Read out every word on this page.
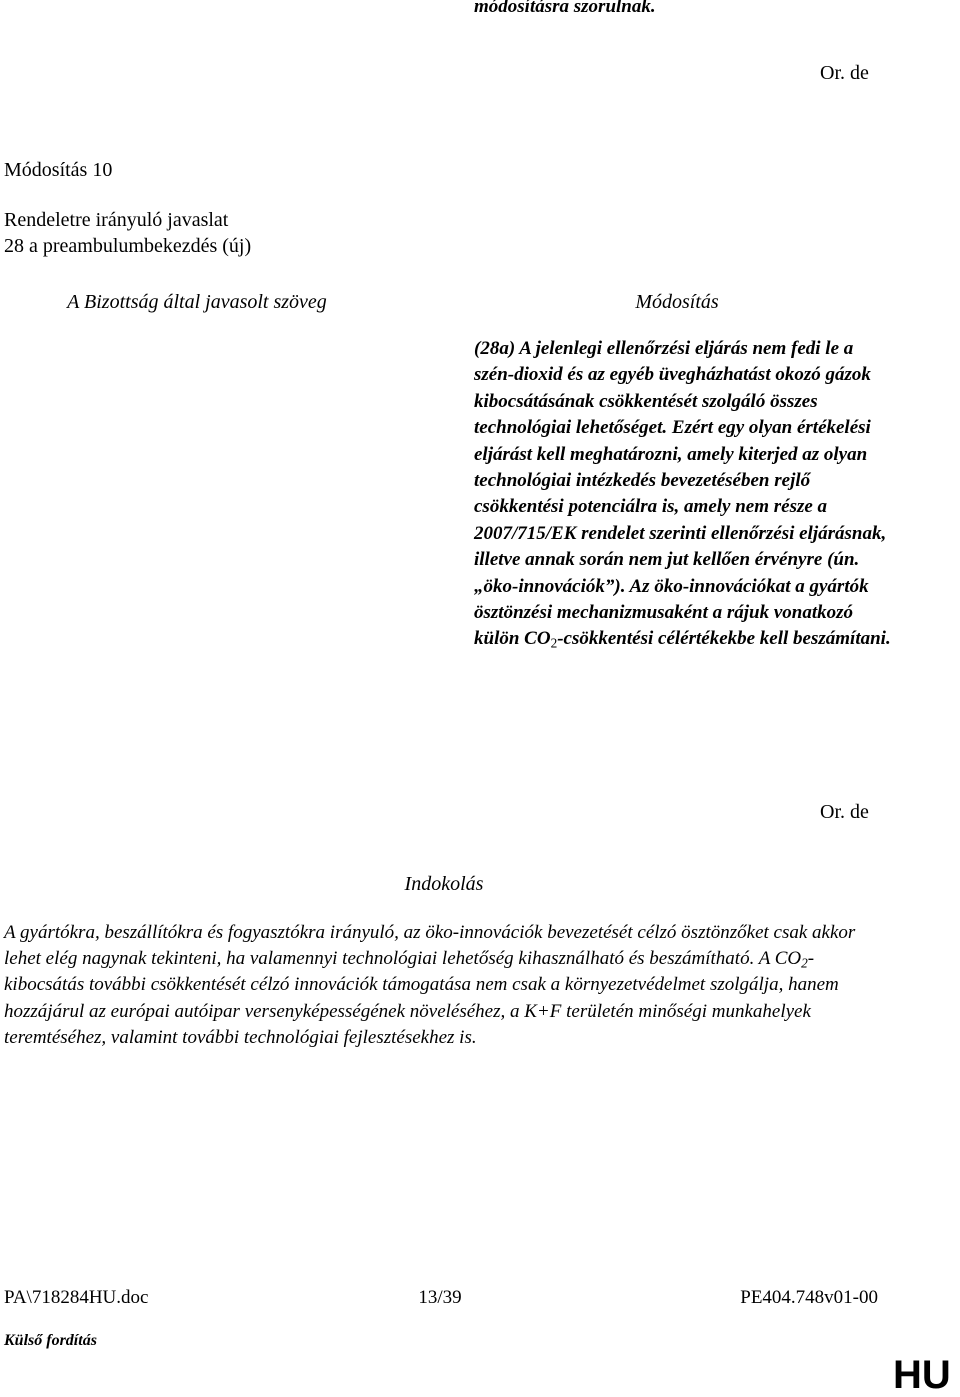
módosításra szorulnak.
Or. de
Módosítás 10
Rendeletre irányuló javaslat
28 a preambulumbekezdés (új)
A Bizottság által javasolt szöveg	Módosítás
(28a) A jelenlegi ellenőrzési eljárás nem fedi le a szén-dioxid és az egyéb üvegházhatást okozó gázok kibocsátásának csökkentését szolgáló összes technológiai lehetőséget. Ezért egy olyan értékelési eljárást kell meghatározni, amely kiterjed az olyan technológiai intézkedés bevezetésében rejlő csökkentési potenciálra is, amely nem része a 2007/715/EK rendelet szerinti ellenőrzési eljárásnak, illetve annak során nem jut kellően érvényre (ún. „öko-innovációk”). Az öko-innovációkat a gyártók ösztönzési mechanizmusaként a rájuk vonatkozó külön $CO_2$-csökkentési célértékekbe kell beszámítani.
Or. de
Indokolás
A gyártókra, beszállítókra és fogyasztókra irányuló, az öko-innovációk bevezetését célzó ösztönzőket csak akkor lehet elég nagynak tekinteni, ha valamennyi technológiai lehetőség kihasználható és beszámítható. A $CO_2$-kibocsátás további csökkentését célzó innovációk támogatása nem csak a környezetvédelmet szolgálja, hanem hozzájárul az európai autóipar versenyképességének növeléséhez, a K+F területén minőségi munkahelyek teremtéséhez, valamint további technológiai fejlesztésekhez is.
PA\718284HU.doc	13/39	PE404.748v01-00
Külső fordítás
HU
